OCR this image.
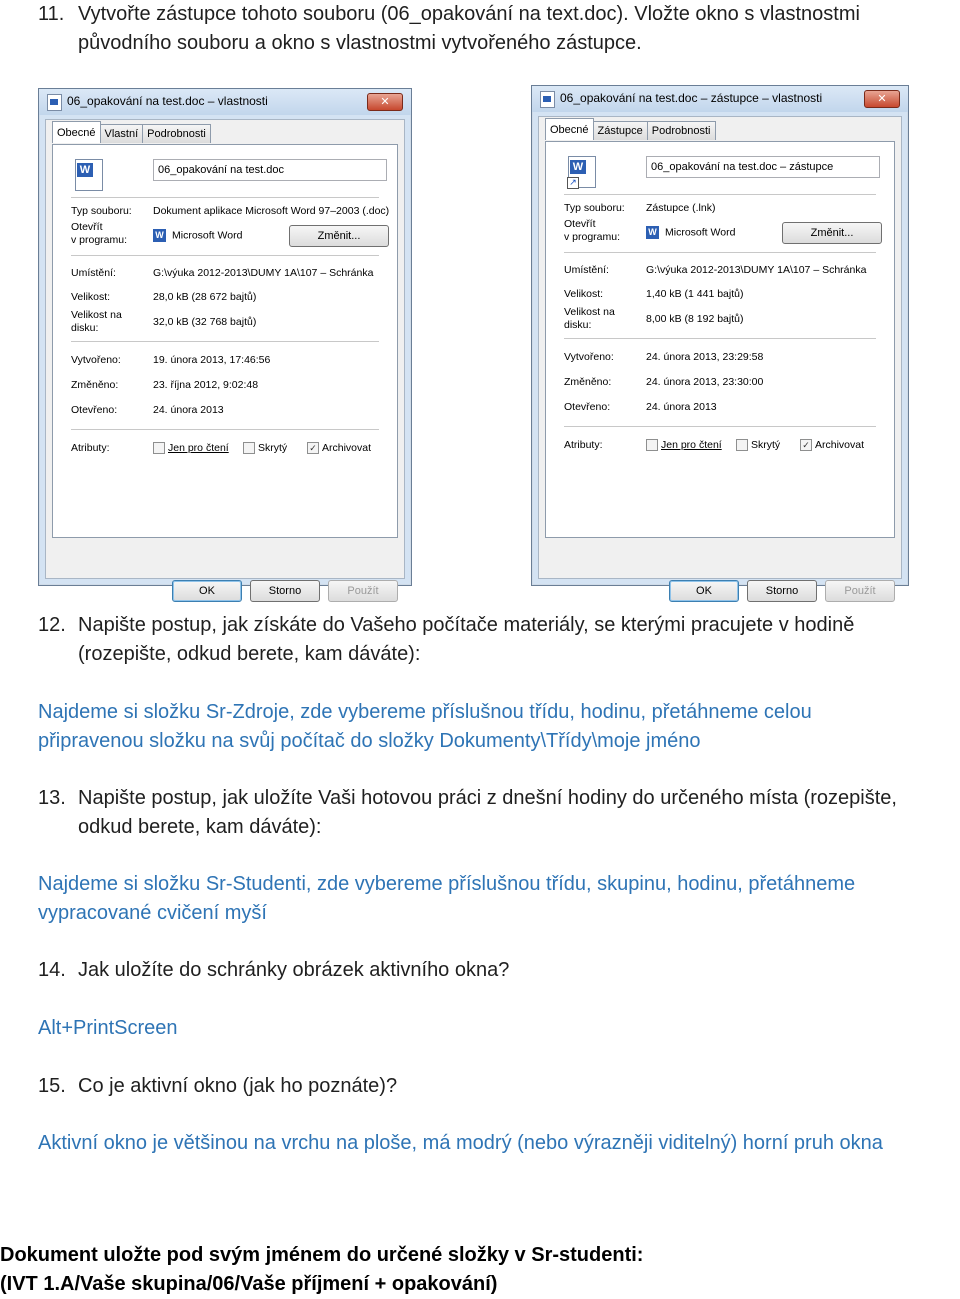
11. Vytvořte zástupce tohoto souboru (06_opakování na text.doc). Vložte okno s vlastnostmi
původního souboru a okno s vlastnostmi vytvořeného zástupce.
06_opakování na test.doc – vlastnosti	✕
Obecné Vlastní Podrobnosti
W
06_opakování na test.doc
Typ souboru: Dokument aplikace Microsoft Word 97–2003 (.doc)
Otevřít
v programu:	W Microsoft Word	Změnit...
Umístění:	G:\výuka 2012-2013\DUMY 1A\107 – Schránka
Velikost:	28,0 kB (28 672 bajtů)
Velikost na
disku:	32,0 kB (32 768 bajtů)
Vytvořeno:	19. února 2013, 17:46:56
Změněno:	23. října 2012, 9:02:48
Otevřeno:	24. února 2013
Atributy:	Jen pro čtení	Skrytý ✓ Archivovat
OK	Storno	Použít
06_opakování na test.doc – zástupce – vlastnosti	✕
Obecné Zástupce Podrobnosti
↗
W
06_opakování na test.doc – zástupce
Typ souboru: Zástupce (.lnk)
Otevřít
v programu:	W Microsoft Word	Změnit...
Umístění:	G:\výuka 2012-2013\DUMY 1A\107 – Schránka
Velikost:	1,40 kB (1 441 bajtů)
Velikost na
disku:	8,00 kB (8 192 bajtů)
Vytvořeno:	24. února 2013, 23:29:58
Změněno:	24. února 2013, 23:30:00
Otevřeno:	24. února 2013
Atributy:	Jen pro čtení	Skrytý ✓ Archivovat
OK	Storno	Použít
12. Napište postup, jak získáte do Vašeho počítače materiály, se kterými pracujete v hodině
(rozepište, odkud berete, kam dáváte):
Najdeme si složku Sr-Zdroje, zde vybereme příslušnou třídu, hodinu, přetáhneme celou
připravenou složku na svůj počítač do složky Dokumenty\Třídy\moje jméno
13. Napište postup, jak uložíte Vaši hotovou práci z dnešní hodiny do určeného místa (rozepište,
odkud berete, kam dáváte):
Najdeme si složku Sr-Studenti, zde vybereme příslušnou třídu, skupinu, hodinu, přetáhneme
vypracované cvičení myší
14. Jak uložíte do schránky obrázek aktivního okna?
Alt+PrintScreen
15. Co je aktivní okno (jak ho poznáte)?
Aktivní okno je většinou na vrchu na ploše, má modrý (nebo výrazněji viditelný) horní pruh okna
Dokument uložte pod svým jménem do určené složky v Sr-studenti:
(IVT 1.A/Vaše skupina/06/Vaše příjmení + opakování)
